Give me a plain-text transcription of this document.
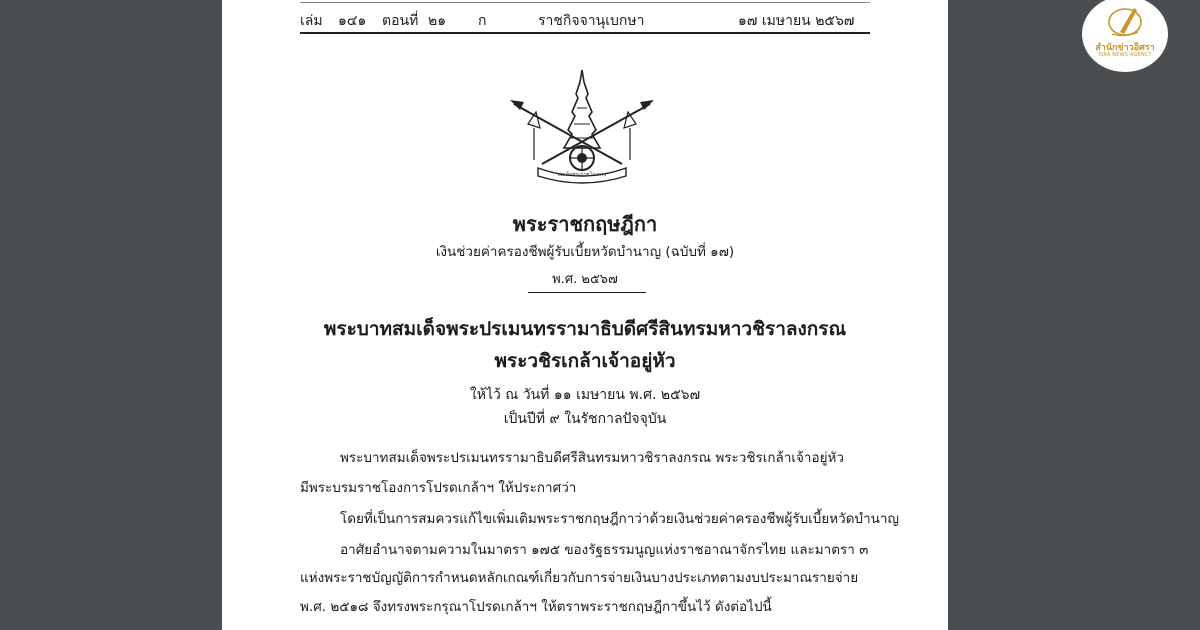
เล่ม ๑๔๑ ตอนที่ ๒๑ ก	ราชกิจจานุเบกษา	๑๗ เมษายน ๒๕๖๗
สมเด็จพระราชโองการ
พระราชกฤษฎีกา
เงินช่วยค่าครองชีพผู้รับเบี้ยหวัดบำนาญ (ฉบับที่ ๑๗)
พ.ศ. ๒๕๖๗
พระบาทสมเด็จพระปรเมนทรรามาธิบดีศรีสินทรมหาวชิราลงกรณ
พระวชิรเกล้าเจ้าอยู่หัว
ให้ไว้ ณ วันที่ ๑๑ เมษายน พ.ศ. ๒๕๖๗
เป็นปีที่ ๙ ในรัชกาลปัจจุบัน
พระบาทสมเด็จพระปรเมนทรรามาธิบดีศรีสินทรมหาวชิราลงกรณ พระวชิรเกล้าเจ้าอยู่หัว
มีพระบรมราชโองการโปรดเกล้าฯ ให้ประกาศว่า
โดยที่เป็นการสมควรแก้ไขเพิ่มเติมพระราชกฤษฎีกาว่าด้วยเงินช่วยค่าครองชีพผู้รับเบี้ยหวัดบำนาญ
อาศัยอำนาจตามความในมาตรา ๑๗๕ ของรัฐธรรมนูญแห่งราชอาณาจักรไทย และมาตรา ๓
แห่งพระราชบัญญัติการกำหนดหลักเกณฑ์เกี่ยวกับการจ่ายเงินบางประเภทตามงบประมาณรายจ่าย
พ.ศ. ๒๕๑๘ จึงทรงพระกรุณาโปรดเกล้าฯ ให้ตราพระราชกฤษฎีกาขึ้นไว้ ดังต่อไปนี้
สำนักข่าวอิศรา
ISRA NEWS AGENCY
